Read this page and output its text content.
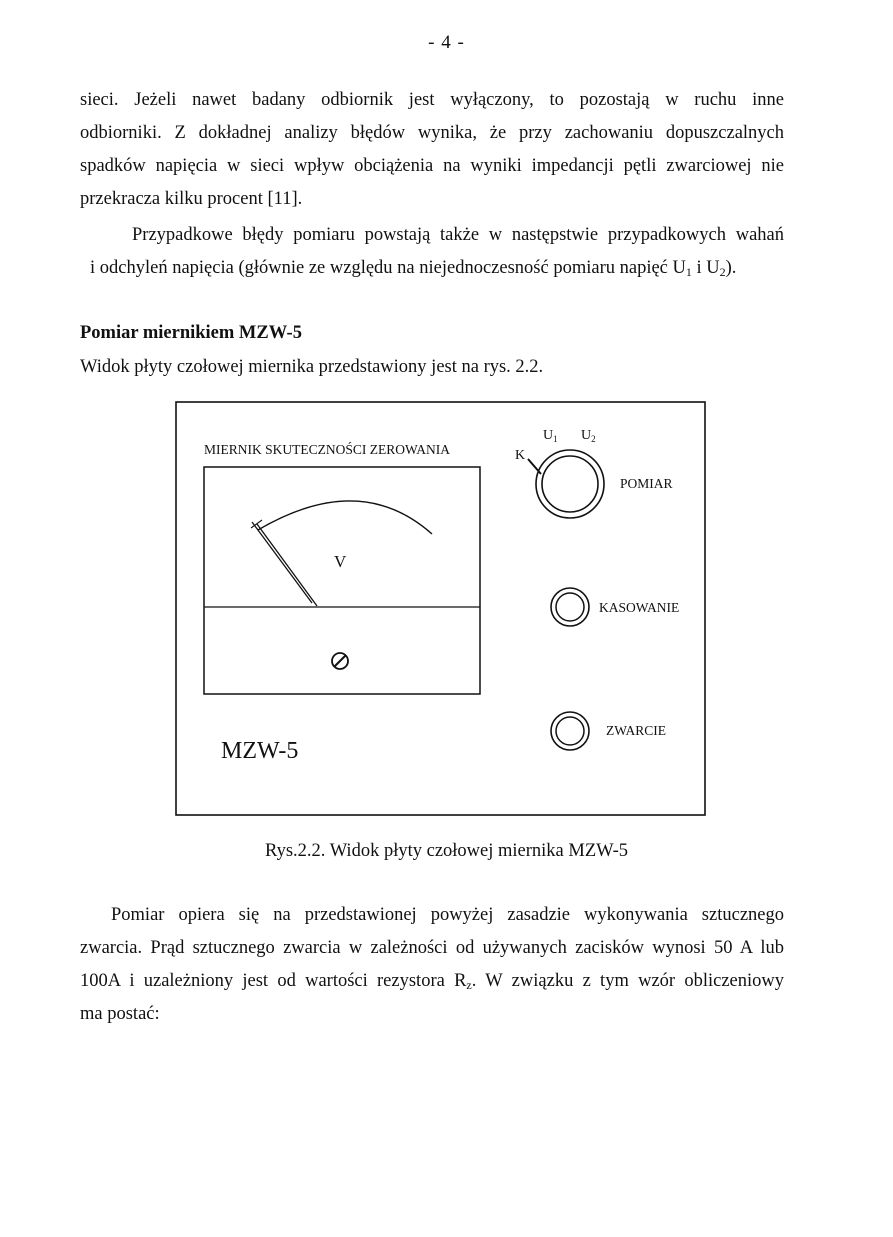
- 4 -

sieci. Jeżeli nawet badany odbiornik jest wyłączony, to pozostają w ruchu inne
odbiorniki. Z dokładnej analizy błędów wynika, że przy zachowaniu dopuszczalnych
spadków napięcia w sieci wpływ obciążenia na wyniki impedancji pętli zwarciowej nie
przekracza kilku procent [11].

Przypadkowe błędy pomiaru powstają także w następstwie przypadkowych wahań
i odchyleń napięcia (głównie ze względu na niejednoczesność pomiaru napięć $U_1$ i $U_2$).

Pomiar miernikiem MZW-5

Widok płyty czołowej miernika przedstawiony jest na rys. 2.2.

MIERNIK SKUTECZNOŚCI ZEROWANIA
V
⌀
MZW-5
K
$U_1$ $U_2$
POMIAR
KASOWANIE
ZWARCIE

Rys.2.2. Widok płyty czołowej miernika MZW-5

Pomiar opiera się na przedstawionej powyżej zasadzie wykonywania sztucznego
zwarcia. Prąd sztucznego zwarcia w zależności od używanych zacisków wynosi 50 A lub
100A i uzależniony jest od wartości rezystora $R_z$. W związku z tym wzór obliczeniowy
ma postać:
